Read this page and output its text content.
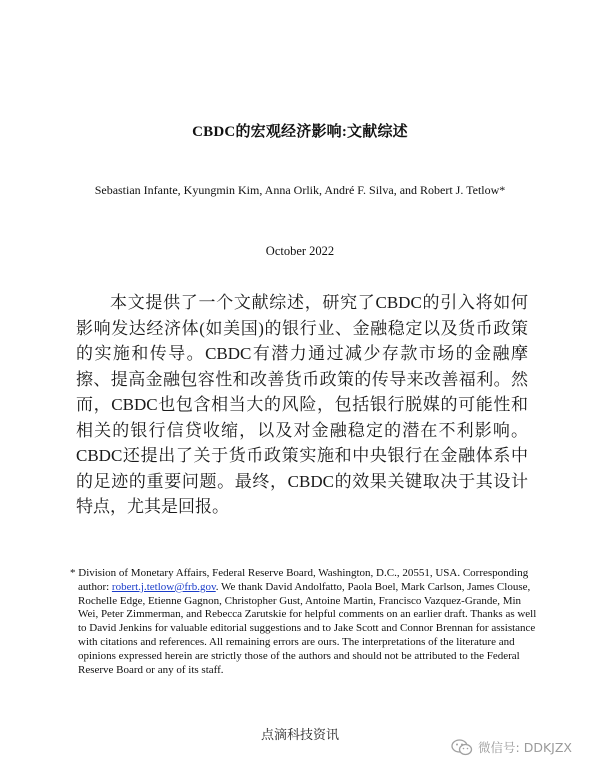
CBDC的宏观经济影响:文献综述
Sebastian Infante, Kyungmin Kim, Anna Orlik, André F. Silva, and Robert J. Tetlow*
October 2022
本文提供了一个文献综述，研究了CBDC的引入将如何影响发达经济体(如美国)的银行业、金融稳定以及货币政策的实施和传导。CBDC有潜力通过减少存款市场的金融摩擦、提高金融包容性和改善货币政策的传导来改善福利。然而，CBDC也包含相当大的风险，包括银行脱媒的可能性和相关的银行信贷收缩，以及对金融稳定的潜在不利影响。CBDC还提出了关于货币政策实施和中央银行在金融体系中的足迹的重要问题。最终，CBDC的效果关键取决于其设计特点，尤其是回报。
* Division of Monetary Affairs, Federal Reserve Board, Washington, D.C., 20551, USA. Corresponding author: robert.j.tetlow@frb.gov. We thank David Andolfatto, Paola Boel, Mark Carlson, James Clouse, Rochelle Edge, Etienne Gagnon, Christopher Gust, Antoine Martin, Francisco Vazquez-Grande, Min Wei, Peter Zimmerman, and Rebecca Zarutskie for helpful comments on an earlier draft. Thanks as well to David Jenkins for valuable editorial suggestions and to Jake Scott and Connor Brennan for assistance with citations and references. All remaining errors are ours. The interpretations of the literature and opinions expressed herein are strictly those of the authors and should not be attributed to the Federal Reserve Board or any of its staff.
点滴科技资讯
微信号: DDKJZX
